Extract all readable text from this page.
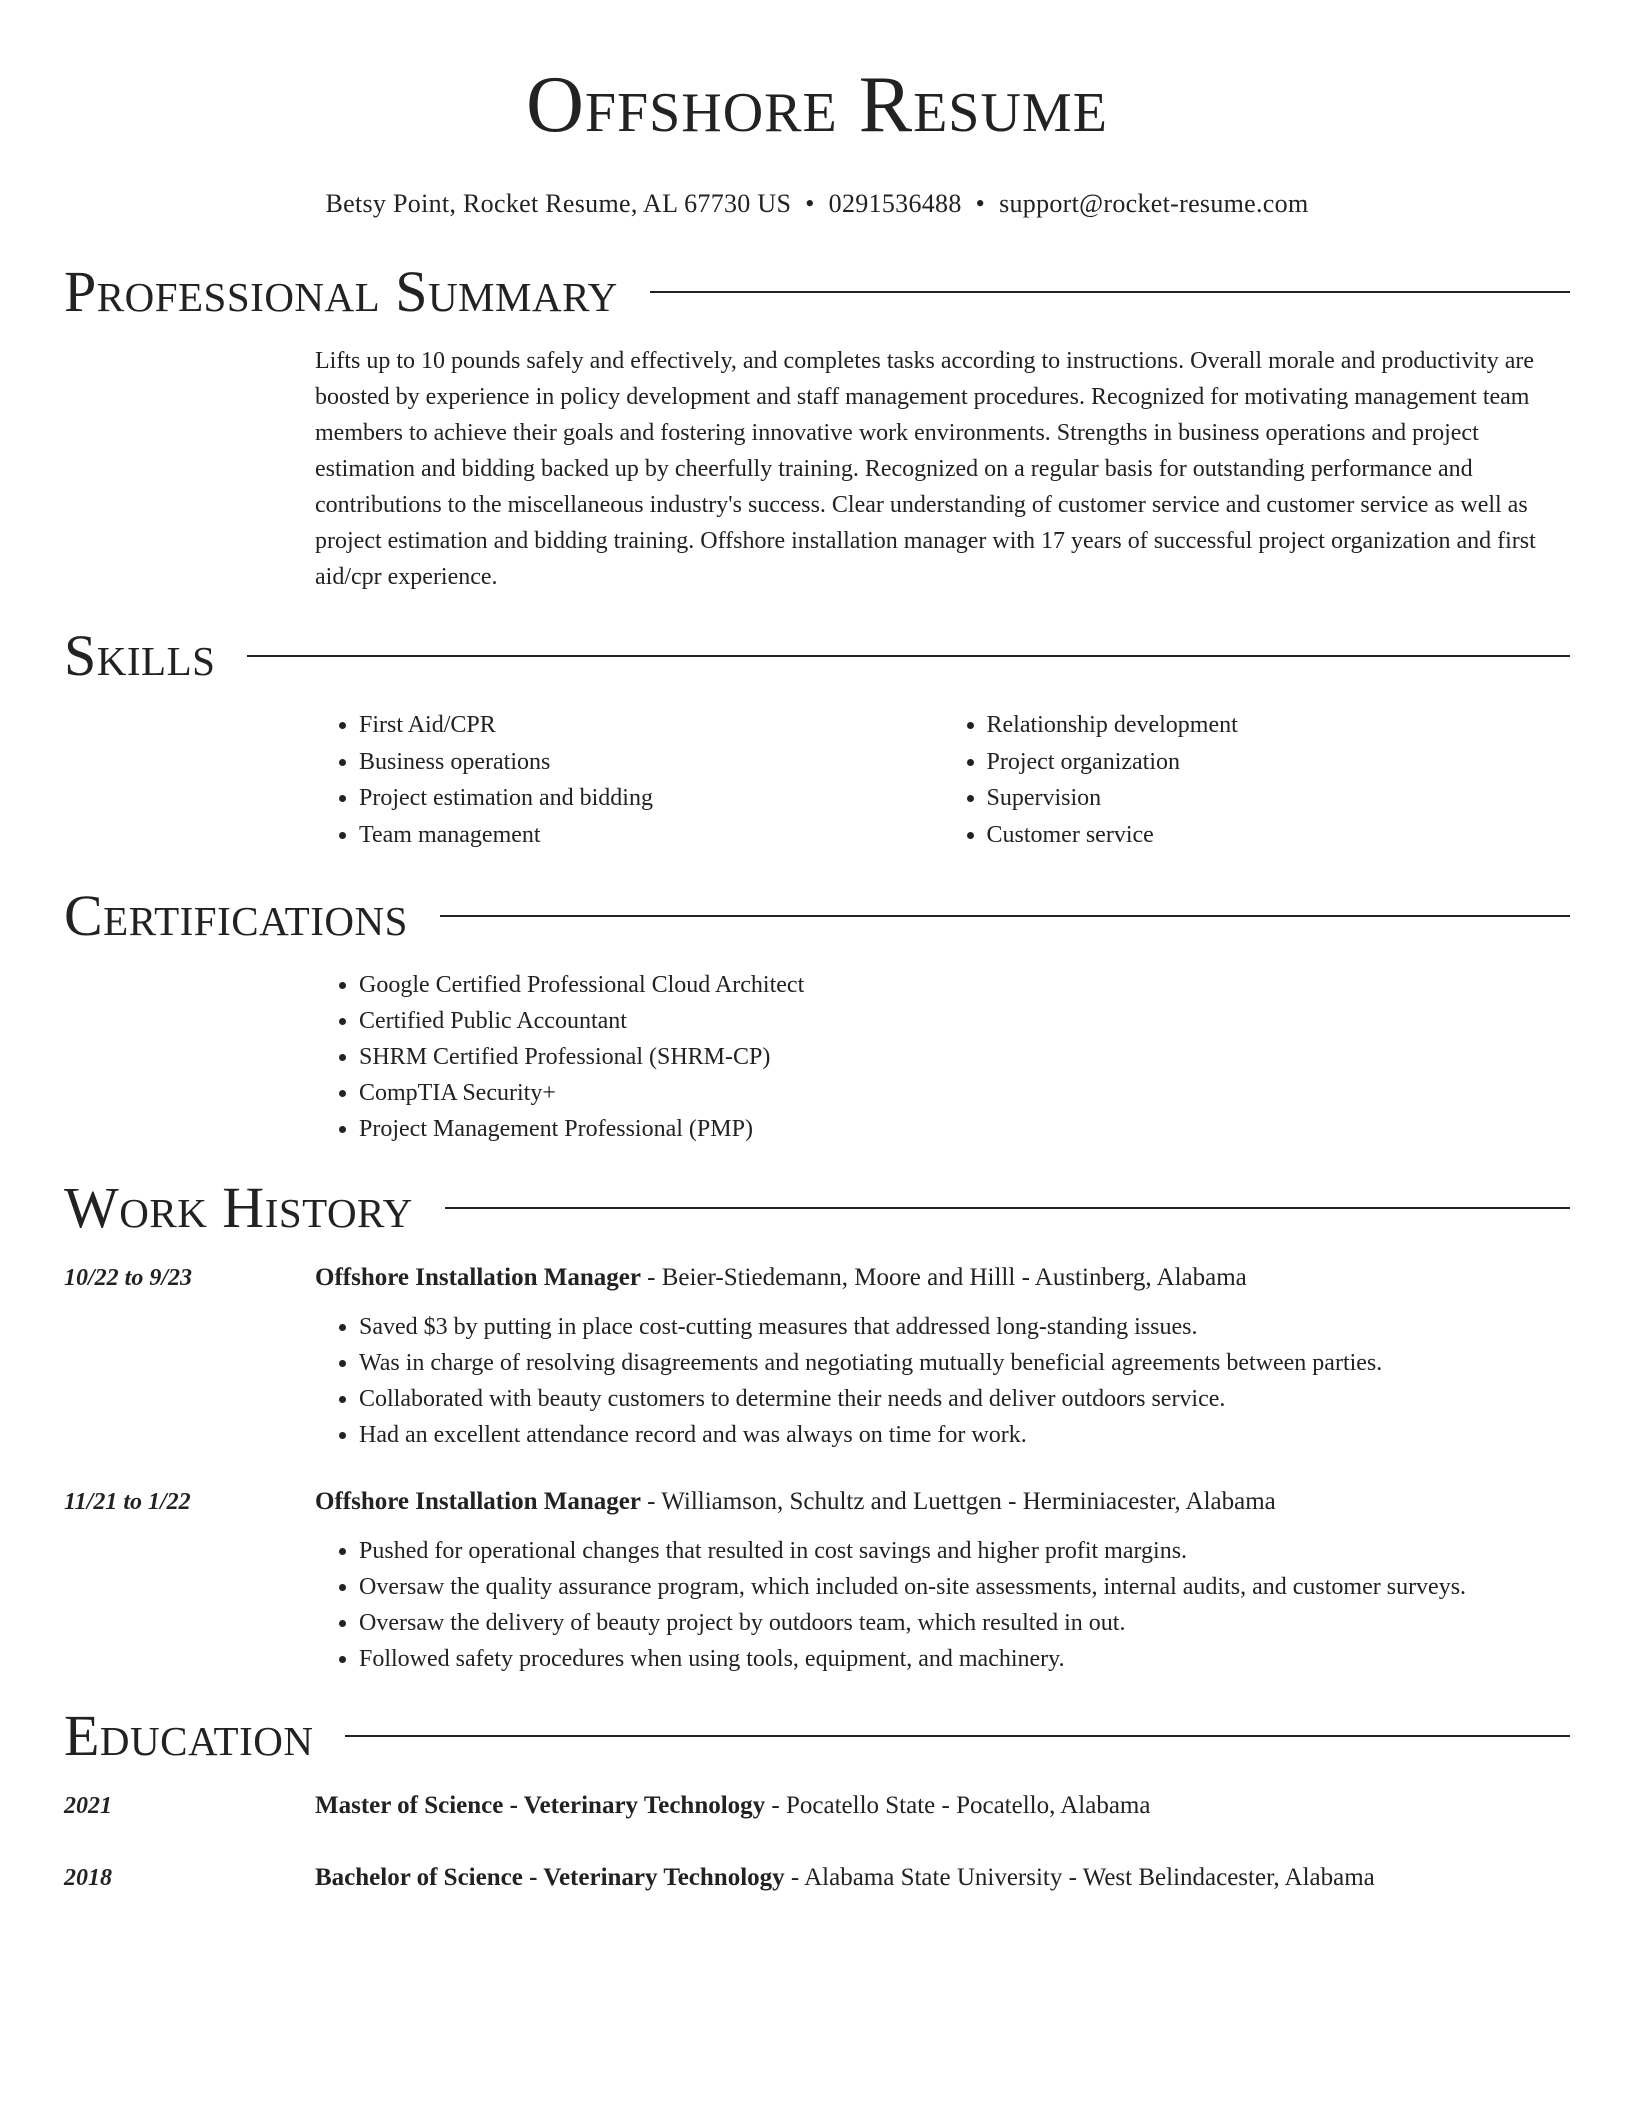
Offshore Resume
Betsy Point, Rocket Resume, AL 67730 US • 0291536488 • support@rocket-resume.com
Professional Summary
Lifts up to 10 pounds safely and effectively, and completes tasks according to instructions. Overall morale and productivity are boosted by experience in policy development and staff management procedures. Recognized for motivating management team members to achieve their goals and fostering innovative work environments. Strengths in business operations and project estimation and bidding backed up by cheerfully training. Recognized on a regular basis for outstanding performance and contributions to the miscellaneous industry's success. Clear understanding of customer service and customer service as well as project estimation and bidding training. Offshore installation manager with 17 years of successful project organization and first aid/cpr experience.
Skills
• First Aid/CPR
• Business operations
• Project estimation and bidding
• Team management
• Relationship development
• Project organization
• Supervision
• Customer service
Certifications
• Google Certified Professional Cloud Architect
• Certified Public Accountant
• SHRM Certified Professional (SHRM-CP)
• CompTIA Security+
• Project Management Professional (PMP)
Work History
10/22 to 9/23	Offshore Installation Manager - Beier-Stiedemann, Moore and Hilll - Austinberg, Alabama
• Saved $3 by putting in place cost-cutting measures that addressed long-standing issues.
• Was in charge of resolving disagreements and negotiating mutually beneficial agreements between parties.
• Collaborated with beauty customers to determine their needs and deliver outdoors service.
• Had an excellent attendance record and was always on time for work.
11/21 to 1/22	Offshore Installation Manager - Williamson, Schultz and Luettgen - Herminiacester, Alabama
• Pushed for operational changes that resulted in cost savings and higher profit margins.
• Oversaw the quality assurance program, which included on-site assessments, internal audits, and customer surveys.
• Oversaw the delivery of beauty project by outdoors team, which resulted in out.
• Followed safety procedures when using tools, equipment, and machinery.
Education
2021	Master of Science - Veterinary Technology - Pocatello State - Pocatello, Alabama
2018	Bachelor of Science - Veterinary Technology - Alabama State University - West Belindacester, Alabama
